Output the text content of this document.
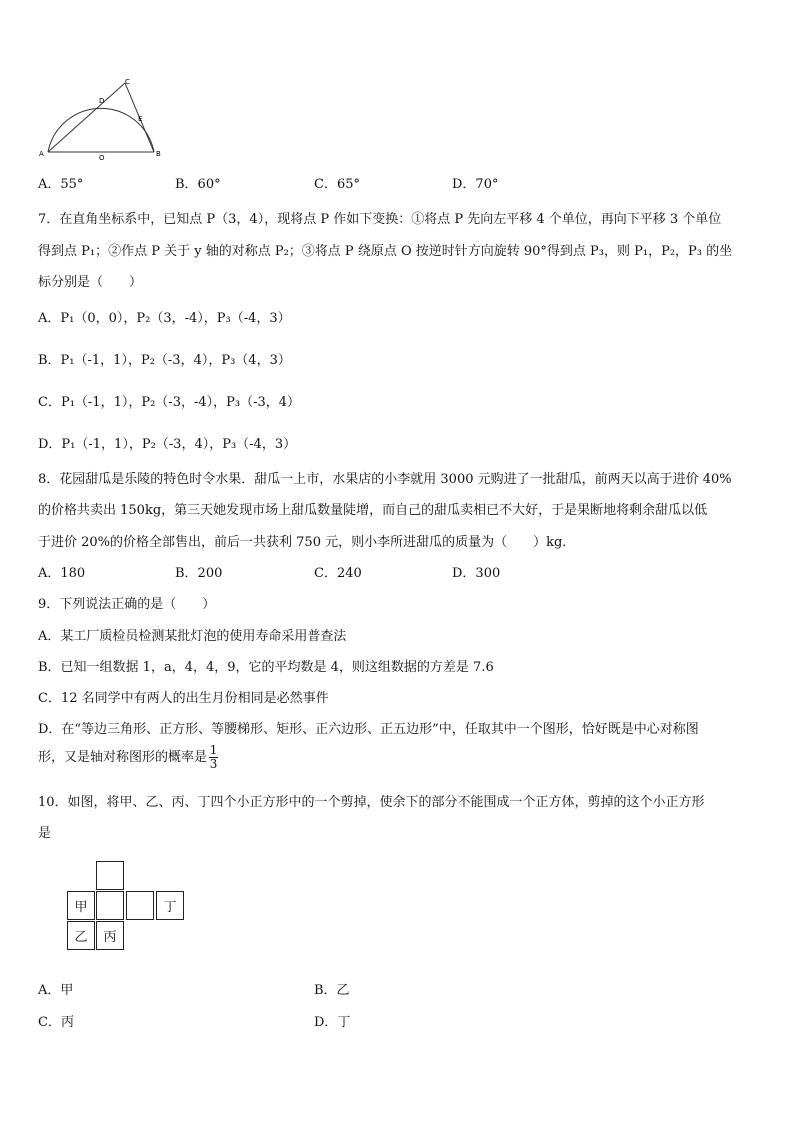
A	O	B
C
D
E
A．55°	B．60°	C．65°	D．70°
7．在直角坐标系中，已知点 P（3，4），现将点 P 作如下变换：①将点 P 先向左平移 4 个单位，再向下平移 3 个单位
得到点 P₁；②作点 P 关于 y 轴的对称点 P₂；③将点 P 绕原点 O 按逆时针方向旋转 90°得到点 P₃，则 P₁，P₂，P₃ 的坐
标分别是（　　）
A．P₁（0，0），P₂（3，-4），P₃（-4，3）
B．P₁（-1，1），P₂（-3，4），P₃（4，3）
C．P₁（-1，1），P₂（-3，-4），P₃（-3，4）
D．P₁（-1，1），P₂（-3，4），P₃（-4，3）
8．花园甜瓜是乐陵的特色时令水果．甜瓜一上市，水果店的小李就用 3000 元购进了一批甜瓜，前两天以高于进价 40%
的价格共卖出 150kg，第三天她发现市场上甜瓜数量陡增，而自己的甜瓜卖相已不大好，于是果断地将剩余甜瓜以低
于进价 20%的价格全部售出，前后一共获利 750 元，则小李所进甜瓜的质量为（　　）kg．
A．180	B．200	C．240	D．300
9．下列说法正确的是（　　）
A．某工厂质检员检测某批灯泡的使用寿命采用普查法
B．已知一组数据 1，a，4，4，9，它的平均数是 4，则这组数据的方差是 7.6
C．12 名同学中有两人的出生月份相同是必然事件
D．在“等边三角形、正方形、等腰梯形、矩形、正六边形、正五边形”中，任取其中一个图形，恰好既是中心对称图
形，又是轴对称图形的概率是 $\frac{1}{3}$
10．如图，将甲、乙、丙、丁四个小正方形中的一个剪掉，使余下的部分不能围成一个正方体，剪掉的这个小正方形
是
甲	丁
乙	丙
A．甲	B．乙
C．丙	D．丁
